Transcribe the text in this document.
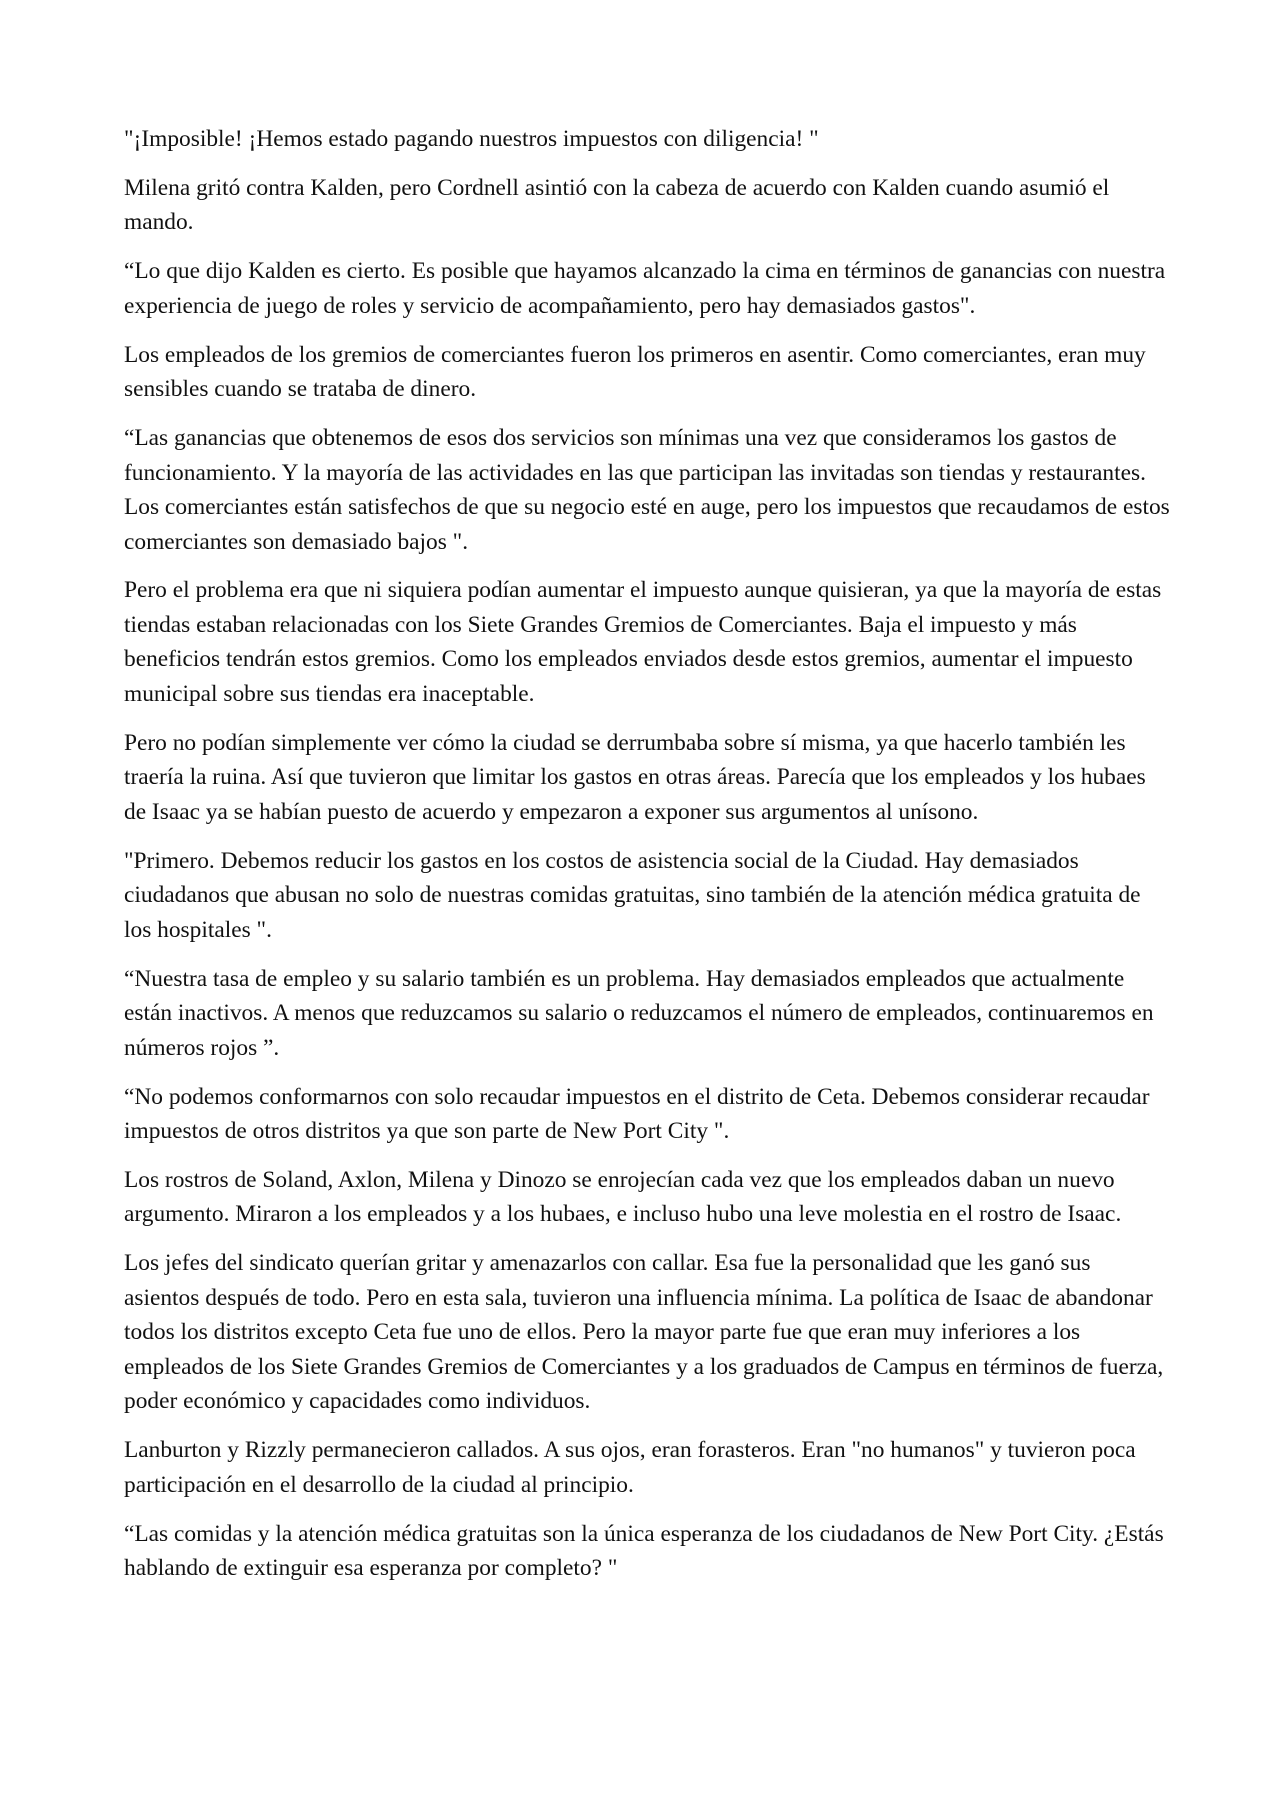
"¡Imposible! ¡Hemos estado pagando nuestros impuestos con diligencia! "

Milena gritó contra Kalden, pero Cordnell asintió con la cabeza de acuerdo con Kalden cuando asumió el mando.

“Lo que dijo Kalden es cierto. Es posible que hayamos alcanzado la cima en términos de ganancias con nuestra experiencia de juego de roles y servicio de acompañamiento, pero hay demasiados gastos".

Los empleados de los gremios de comerciantes fueron los primeros en asentir. Como comerciantes, eran muy sensibles cuando se trataba de dinero.

“Las ganancias que obtenemos de esos dos servicios son mínimas una vez que consideramos los gastos de funcionamiento. Y la mayoría de las actividades en las que participan las invitadas son tiendas y restaurantes. Los comerciantes están satisfechos de que su negocio esté en auge, pero los impuestos que recaudamos de estos comerciantes son demasiado bajos ".

Pero el problema era que ni siquiera podían aumentar el impuesto aunque quisieran, ya que la mayoría de estas tiendas estaban relacionadas con los Siete Grandes Gremios de Comerciantes. Baja el impuesto y más beneficios tendrán estos gremios. Como los empleados enviados desde estos gremios, aumentar el impuesto municipal sobre sus tiendas era inaceptable.

Pero no podían simplemente ver cómo la ciudad se derrumbaba sobre sí misma, ya que hacerlo también les traería la ruina. Así que tuvieron que limitar los gastos en otras áreas. Parecía que los empleados y los hubaes de Isaac ya se habían puesto de acuerdo y empezaron a exponer sus argumentos al unísono.

"Primero. Debemos reducir los gastos en los costos de asistencia social de la Ciudad. Hay demasiados ciudadanos que abusan no solo de nuestras comidas gratuitas, sino también de la atención médica gratuita de los hospitales ".

“Nuestra tasa de empleo y su salario también es un problema. Hay demasiados empleados que actualmente están inactivos. A menos que reduzcamos su salario o reduzcamos el número de empleados, continuaremos en números rojos ”.

“No podemos conformarnos con solo recaudar impuestos en el distrito de Ceta. Debemos considerar recaudar impuestos de otros distritos ya que son parte de New Port City ".

Los rostros de Soland, Axlon, Milena y Dinozo se enrojecían cada vez que los empleados daban un nuevo argumento. Miraron a los empleados y a los hubaes, e incluso hubo una leve molestia en el rostro de Isaac.

Los jefes del sindicato querían gritar y amenazarlos con callar. Esa fue la personalidad que les ganó sus asientos después de todo. Pero en esta sala, tuvieron una influencia mínima. La política de Isaac de abandonar todos los distritos excepto Ceta fue uno de ellos. Pero la mayor parte fue que eran muy inferiores a los empleados de los Siete Grandes Gremios de Comerciantes y a los graduados de Campus en términos de fuerza, poder económico y capacidades como individuos.

Lanburton y Rizzly permanecieron callados. A sus ojos, eran forasteros. Eran "no humanos" y tuvieron poca participación en el desarrollo de la ciudad al principio.

“Las comidas y la atención médica gratuitas son la única esperanza de los ciudadanos de New Port City. ¿Estás hablando de extinguir esa esperanza por completo? "
